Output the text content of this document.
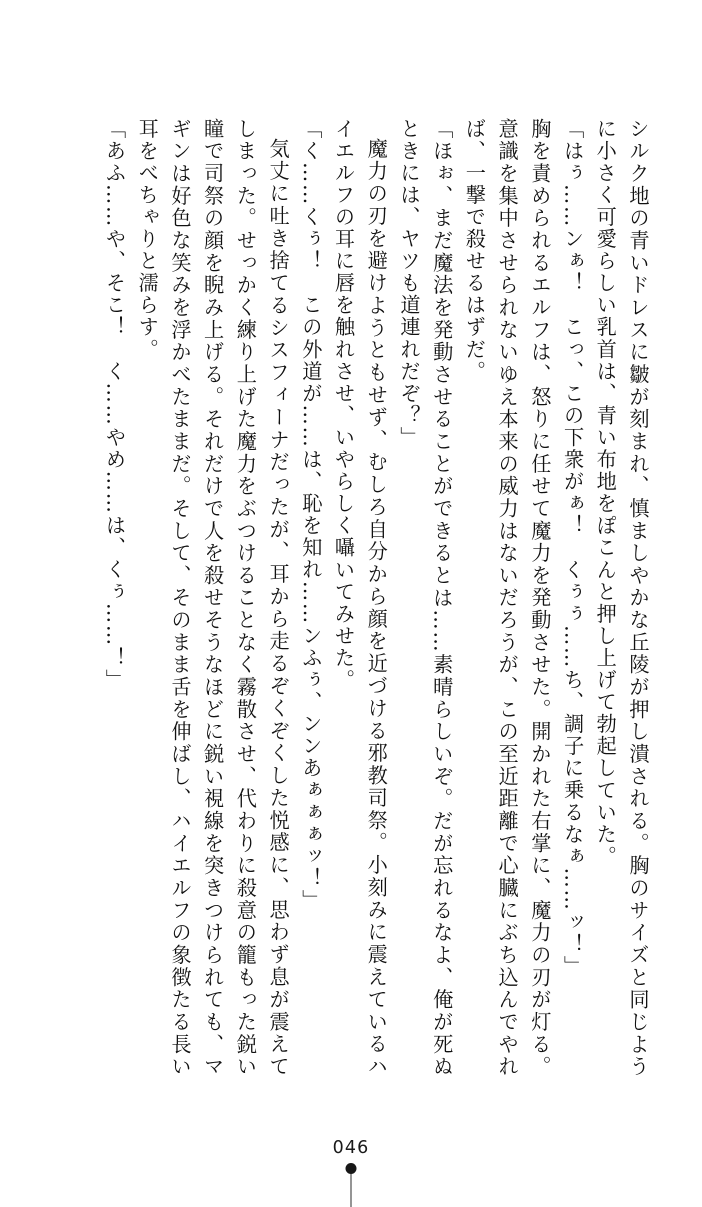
シルク地の青いドレスに皺が刻まれ、慎ましやかな丘陵が押し潰される。胸のサイズと同じように小さく可愛らしい乳首は、青い布地をぽこんと押し上げて勃起していた。

「はぅ……ンぁ！　こっ、この下衆がぁ！　くぅぅ……ち、調子に乗るなぁ……ッ！」

胸を責められるエルフは、怒りに任せて魔力を発動させた。開かれた右掌に、魔力の刃が灯る。意識を集中させられないゆえ本来の威力はないだろうが、この至近距離で心臓にぶち込んでやれば、一撃で殺せるはずだ。

「ほぉ、まだ魔法を発動させることができるとは……素晴らしいぞ。だが忘れるなよ、俺が死ぬときには、ヤツも道連れだぞ？」

魔力の刃を避けようともせず、むしろ自分から顔を近づける邪教司祭。小刻みに震えているハイエルフの耳に唇を触れさせ、いやらしく囁いてみせた。

「く……くぅ！　この外道が……は、恥を知れ……ンふぅ、ンンあぁぁぁッ！」

気丈に吐き捨てるシスフィーナだったが、耳から走るぞくぞくした悦感に、思わず息が震えてしまった。せっかく練り上げた魔力をぶつけることなく霧散させ、代わりに殺意の籠もった鋭い瞳で司祭の顔を睨み上げる。それだけで人を殺せそうなほどに鋭い視線を突きつけられても、マギンは好色な笑みを浮かべたままだ。そして、そのまま舌を伸ばし、ハイエルフの象徴たる長い耳をべちゃりと濡らす。

「あふ……や、そこ！　く……やめ……は、くぅ……！」

046
